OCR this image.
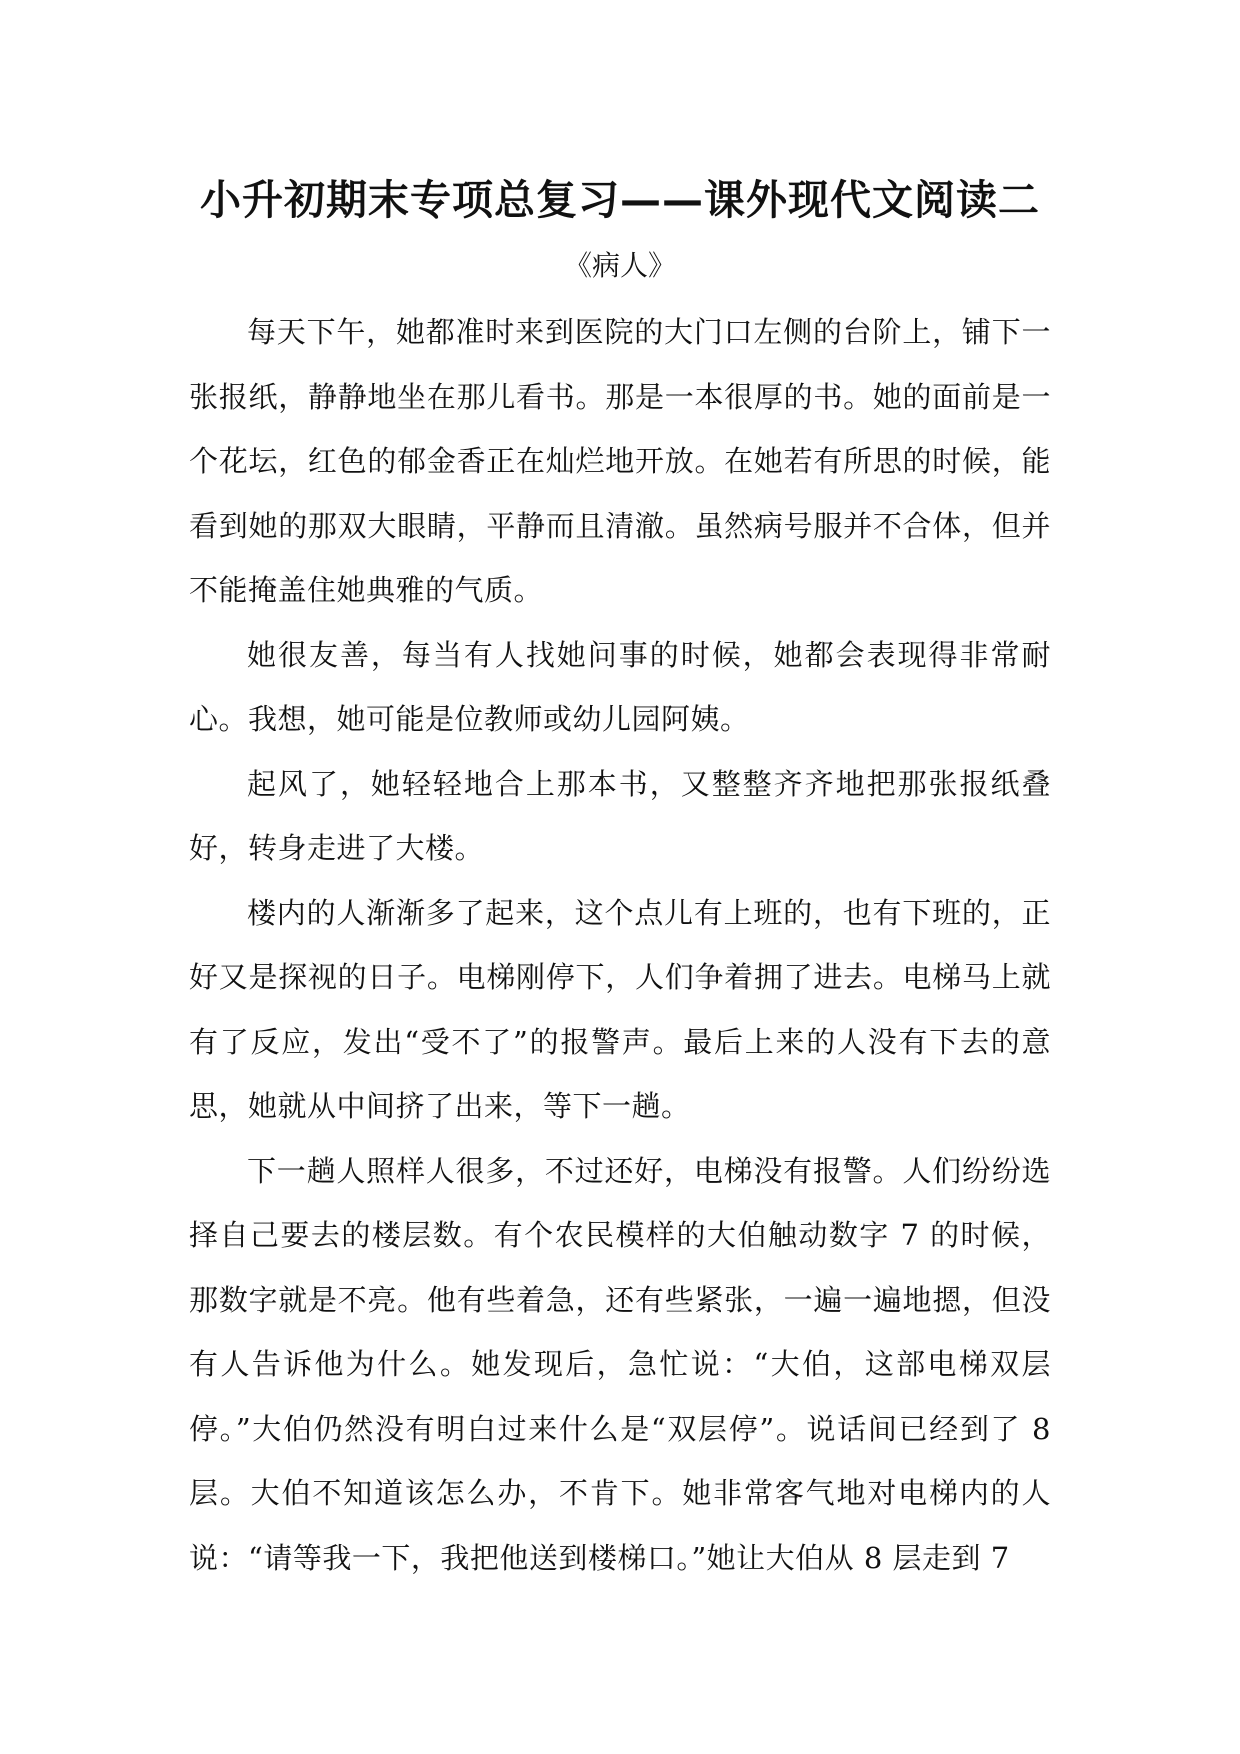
小升初期末专项总复习——课外现代文阅读二
《病人》

每天下午，她都准时来到医院的大门口左侧的台阶上，铺下一张报纸，静静地坐在那儿看书。那是一本很厚的书。她的面前是一个花坛，红色的郁金香正在灿烂地开放。在她若有所思的时候，能看到她的那双大眼睛，平静而且清澈。虽然病号服并不合体，但并不能掩盖住她典雅的气质。

她很友善，每当有人找她问事的时候，她都会表现得非常耐心。我想，她可能是位教师或幼儿园阿姨。

起风了，她轻轻地合上那本书，又整整齐齐地把那张报纸叠好，转身走进了大楼。

楼内的人渐渐多了起来，这个点儿有上班的，也有下班的，正好又是探视的日子。电梯刚停下，人们争着拥了进去。电梯马上就有了反应，发出“受不了”的报警声。最后上来的人没有下去的意思，她就从中间挤了出来，等下一趟。

下一趟人照样人很多，不过还好，电梯没有报警。人们纷纷选择自己要去的楼层数。有个农民模样的大伯触动数字 7 的时候，那数字就是不亮。他有些着急，还有些紧张，一遍一遍地摁，但没有人告诉他为什么。她发现后，急忙说：“大伯，这部电梯双层停。”大伯仍然没有明白过来什么是“双层停”。说话间已经到了 8 层。大伯不知道该怎么办，不肯下。她非常客气地对电梯内的人说：“请等我一下，我把他送到楼梯口。”她让大伯从 8 层走到 7
